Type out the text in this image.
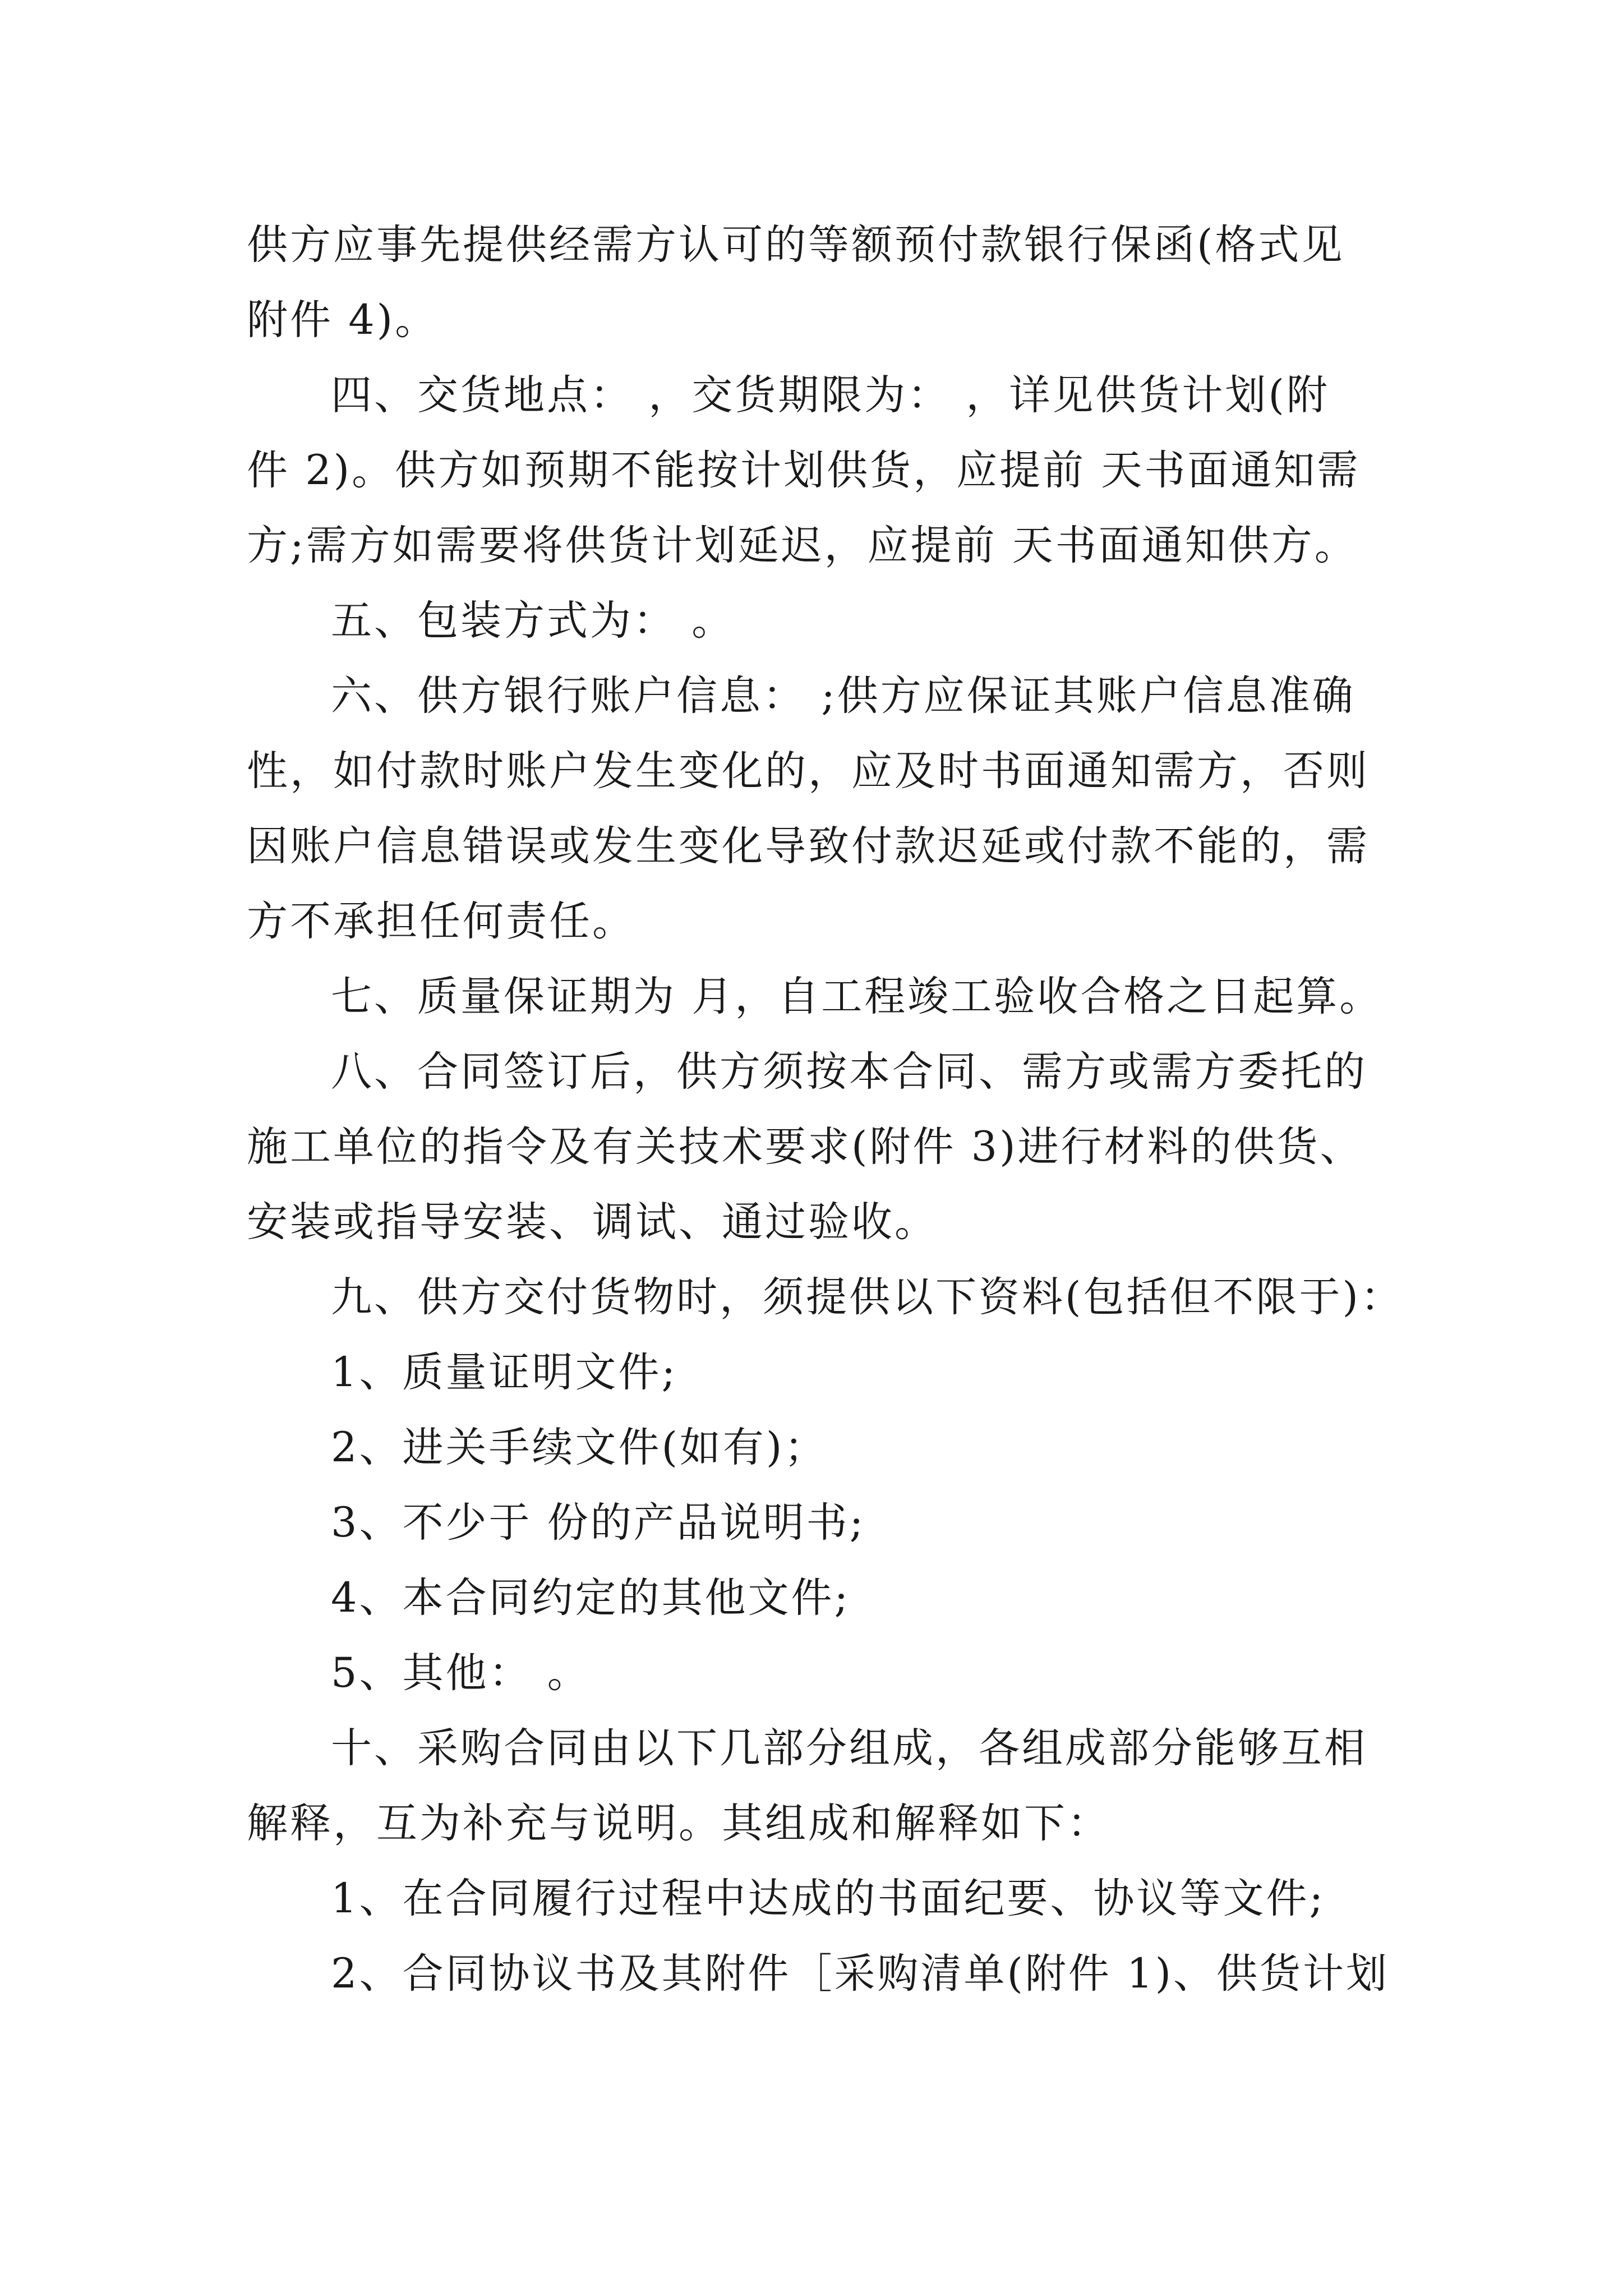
供方应事先提供经需方认可的等额预付款银行保函(格式见
附件 4)。
四、交货地点： ，交货期限为： ，详见供货计划(附
件 2)。供方如预期不能按计划供货，应提前 天书面通知需
方;需方如需要将供货计划延迟，应提前 天书面通知供方。
五、包装方式为： 。
六、供方银行账户信息： ;供方应保证其账户信息准确
性，如付款时账户发生变化的，应及时书面通知需方，否则
因账户信息错误或发生变化导致付款迟延或付款不能的，需
方不承担任何责任。
七、质量保证期为 月，自工程竣工验收合格之日起算。
八、合同签订后，供方须按本合同、需方或需方委托的
施工单位的指令及有关技术要求(附件 3)进行材料的供货、
安装或指导安装、调试、通过验收。
九、供方交付货物时，须提供以下资料(包括但不限于)：
1、质量证明文件;
2、进关手续文件(如有)；
3、不少于 份的产品说明书;
4、本合同约定的其他文件;
5、其他： 。
十、采购合同由以下几部分组成，各组成部分能够互相
解释，互为补充与说明。其组成和解释如下：
1、在合同履行过程中达成的书面纪要、协议等文件;
2、合同协议书及其附件［采购清单(附件 1)、供货计划
